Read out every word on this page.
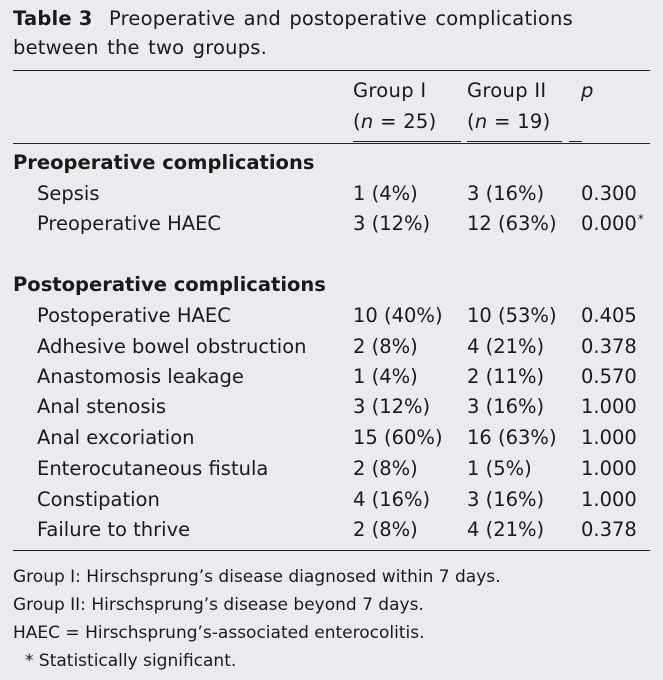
Table 3 Preoperative and postoperative complications between the two groups.
Group I Group II p
(n = 25) (n = 19)
Preoperative complications
Sepsis	1 (4%)	3 (16%) 0.300
Preoperative HAEC	3 (12%) 12 (63%) 0.000*
Postoperative complications
Postoperative HAEC	10 (40%) 10 (53%) 0.405
Adhesive bowel obstruction 2 (8%)	4 (21%) 0.378
Anastomosis leakage	1 (4%)	2 (11%) 0.570
Anal stenosis	3 (12%) 3 (16%) 1.000
Anal excoriation	15 (60%) 16 (63%) 1.000
Enterocutaneous fistula	2 (8%)	1 (5%)	1.000
Constipation	4 (16%) 3 (16%) 1.000
Failure to thrive	2 (8%)	4 (21%) 0.378
Group I: Hirschsprung’s disease diagnosed within 7 days.
Group II: Hirschsprung’s disease beyond 7 days.
HAEC = Hirschsprung’s-associated enterocolitis.
* Statistically significant.
